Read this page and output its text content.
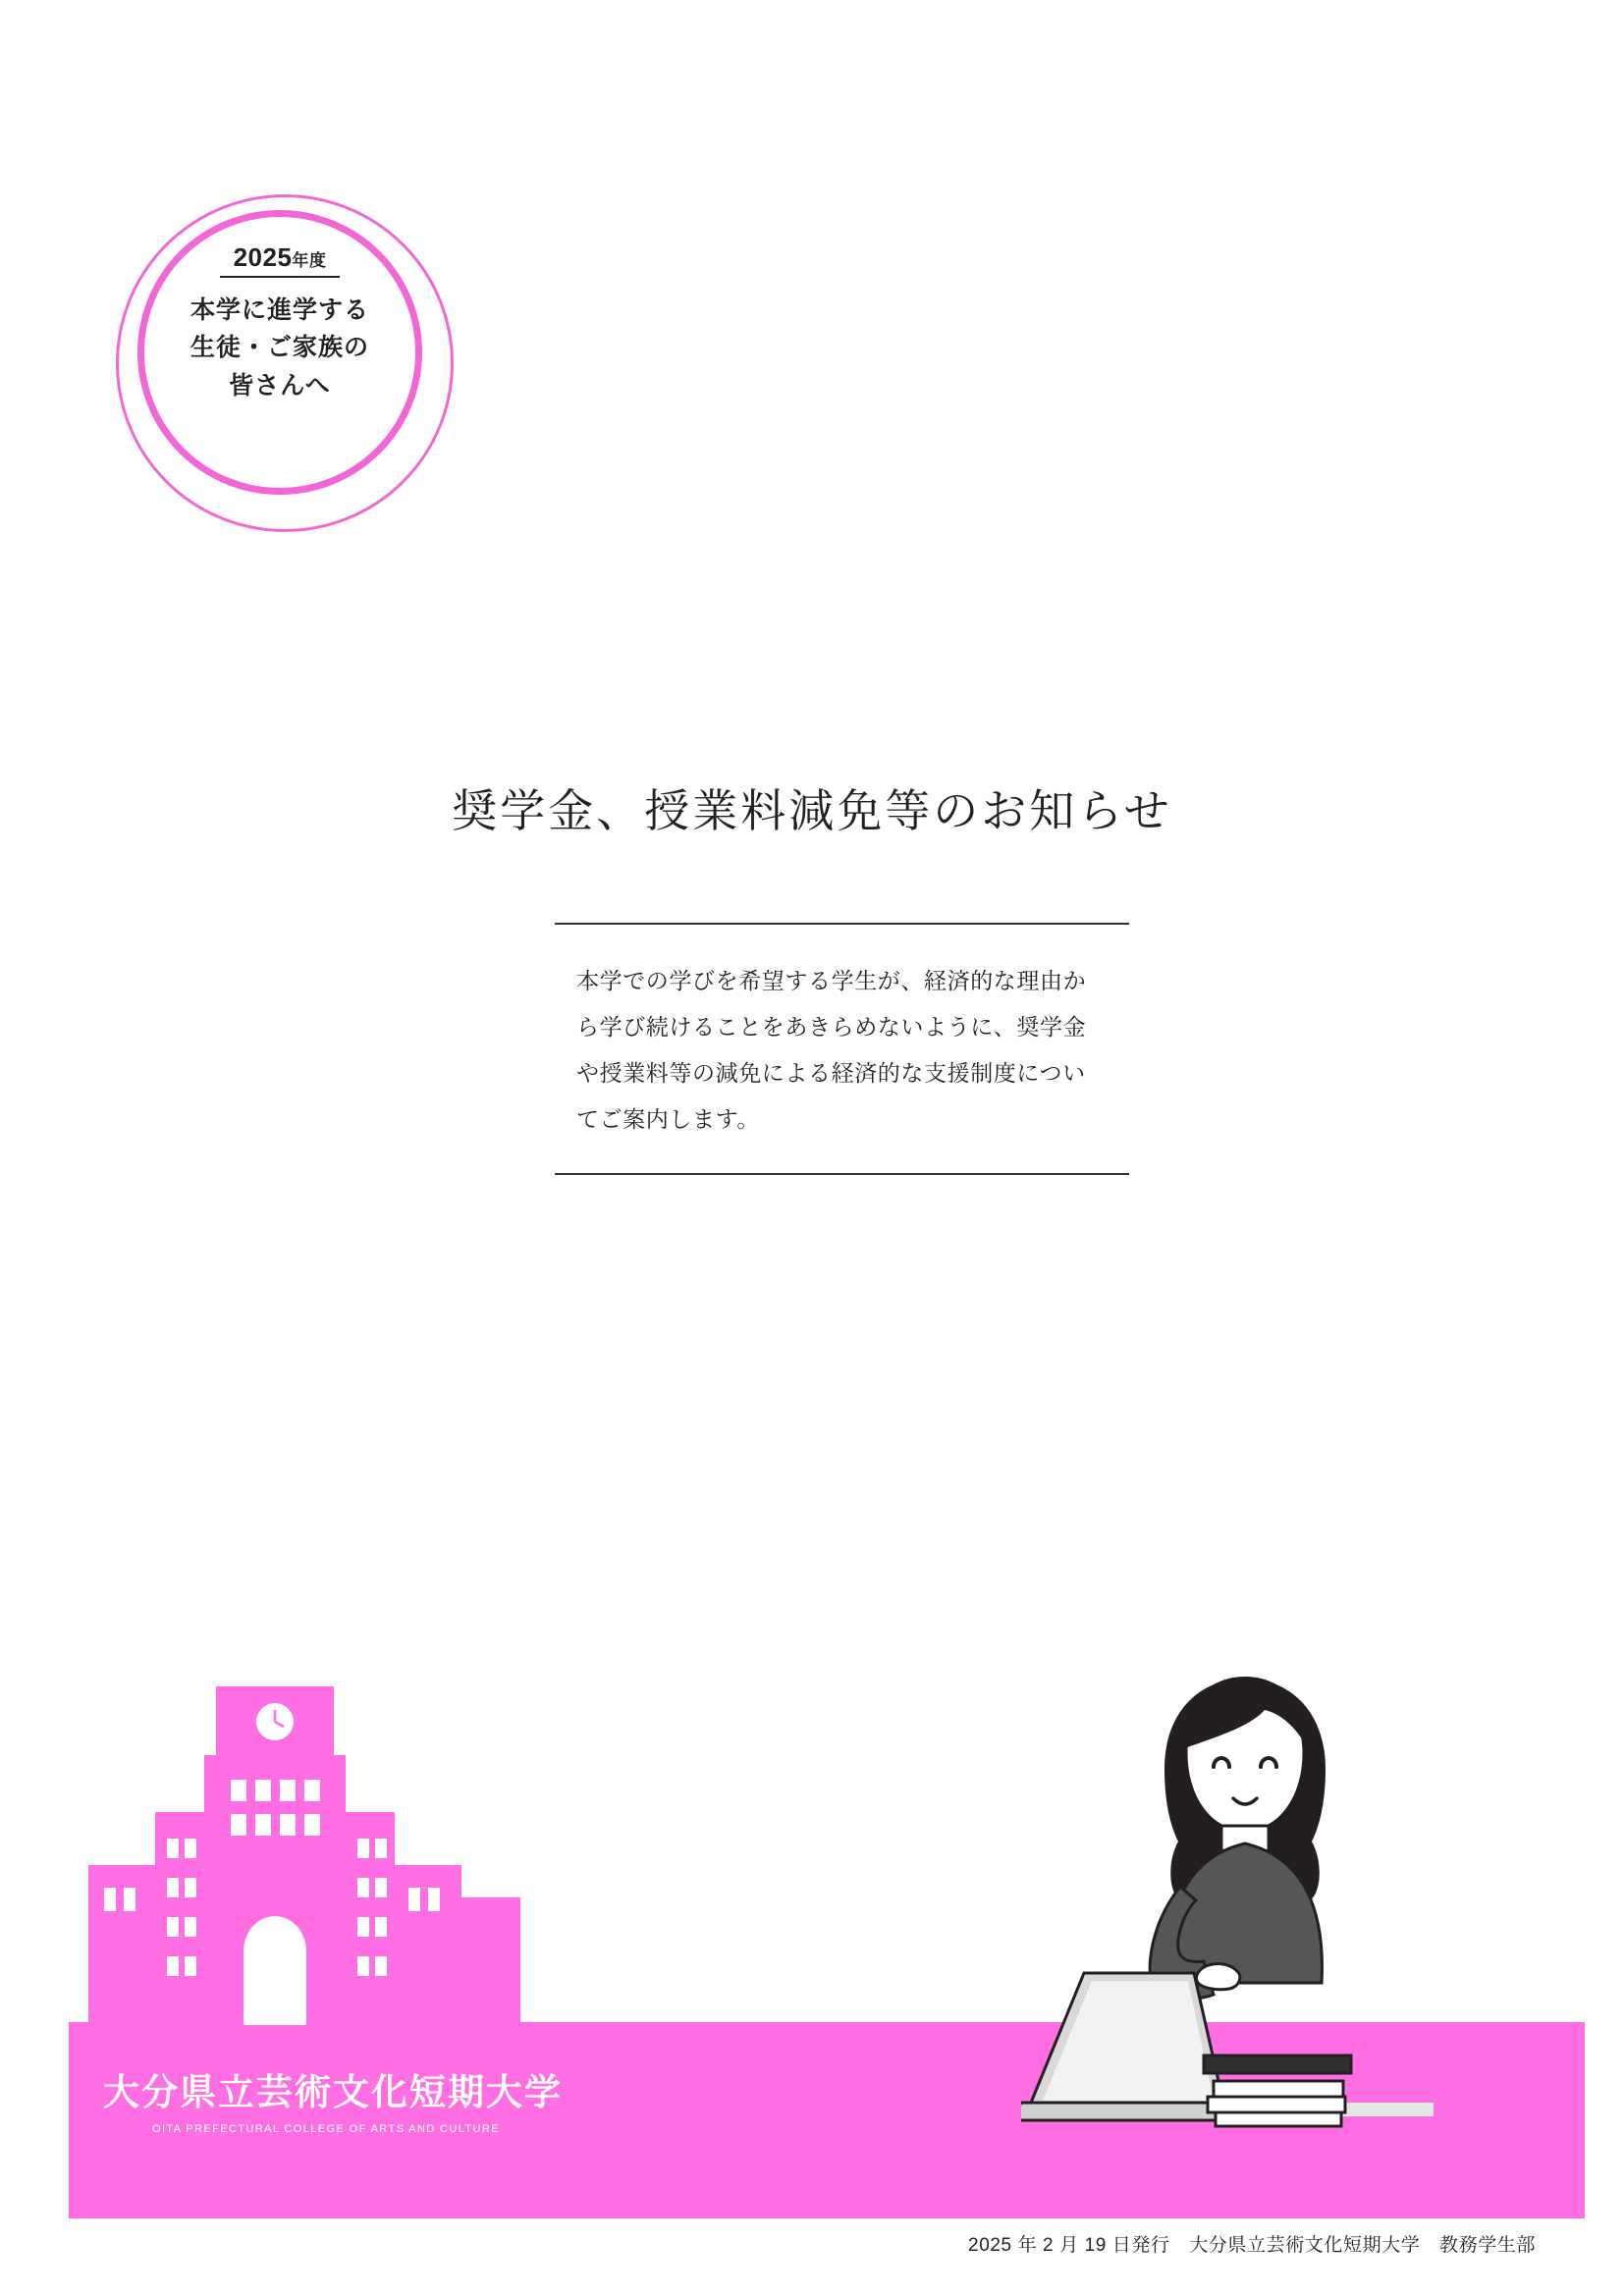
2025年度
本学に進学する
生徒・ご家族の
皆さんへ
奨学金、授業料減免等のお知らせ

本学での学びを希望する学生が、経済的な理由から学び続けることをあきらめないように、奨学金や授業料等の減免による経済的な支援制度についてご案内します。

大分県立芸術文化短期大学
OITA PREFECTURAL COLLEGE OF ARTS AND CULTURE
2025 年 2 月 19 日発行　大分県立芸術文化短期大学　教務学生部
